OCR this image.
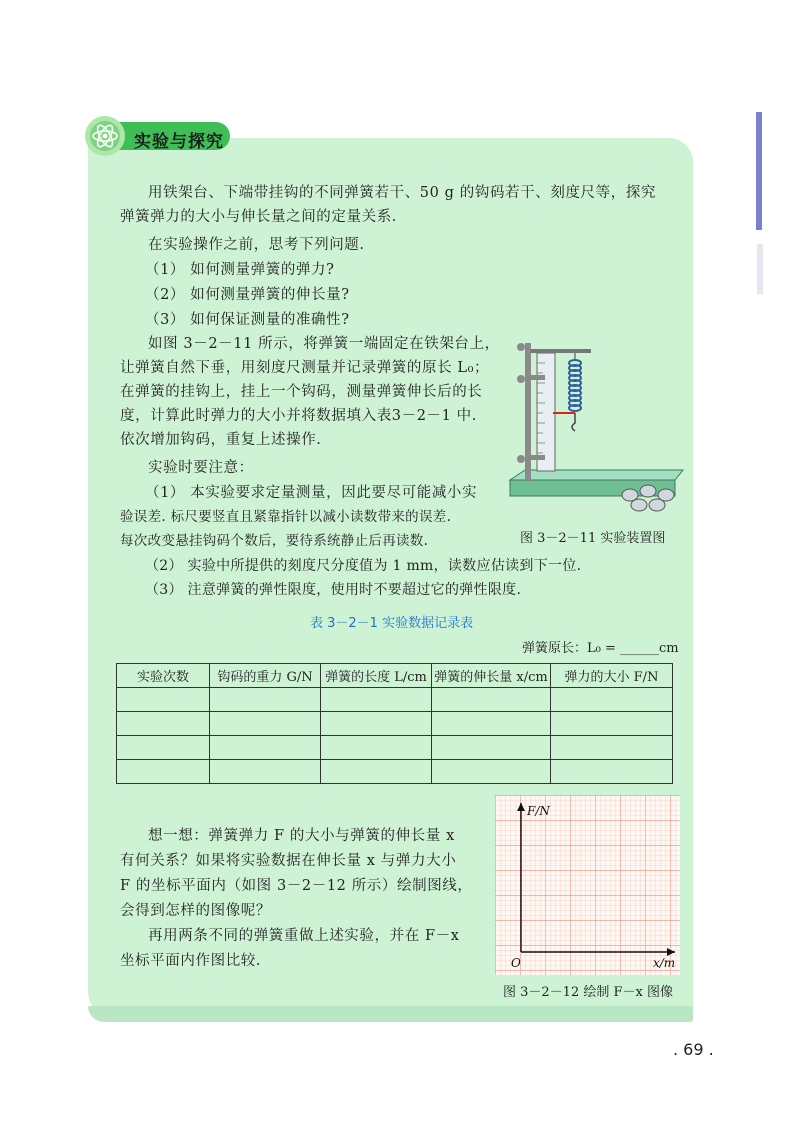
实验与探究
用铁架台、下端带挂钩的不同弹簧若干、50 g 的钩码若干、刻度尺等，探究
弹簧弹力的大小与伸长量之间的定量关系.
在实验操作之前，思考下列问题.
（1） 如何测量弹簧的弹力?
（2） 如何测量弹簧的伸长量?
（3） 如何保证测量的准确性?
如图 3－2－11 所示，将弹簧一端固定在铁架台上，
让弹簧自然下垂，用刻度尺测量并记录弹簧的原长 L₀；
在弹簧的挂钩上，挂上一个钩码，测量弹簧伸长后的长
度，计算此时弹力的大小并将数据填入表3－2－1 中.
依次增加钩码，重复上述操作.
实验时要注意：
（1） 本实验要求定量测量，因此要尽可能减小实
验误差. 标尺要竖直且紧靠指针以减小读数带来的误差.
每次改变悬挂钩码个数后，要待系统静止后再读数.
（2） 实验中所提供的刻度尺分度值为 1 mm，读数应估读到下一位.
（3） 注意弹簧的弹性限度，使用时不要超过它的弹性限度.
图 3－2－11 实验装置图
表 3－2－1 实验数据记录表
弹簧原长：L₀ = ______cm
实验次数	钩码的重力 G/N	弹簧的长度 L/cm	弹簧的伸长量 x/cm	弹力的大小 F/N

想一想：弹簧弹力 F 的大小与弹簧的伸长量 x
有何关系？如果将实验数据在伸长量 x 与弹力大小
F 的坐标平面内（如图 3－2－12 所示）绘制图线，
会得到怎样的图像呢？
再用两条不同的弹簧重做上述实验，并在 F－x
坐标平面内作图比较.
F/N
x/m
O
图 3－2－12 绘制 F－x 图像
. 69 .
